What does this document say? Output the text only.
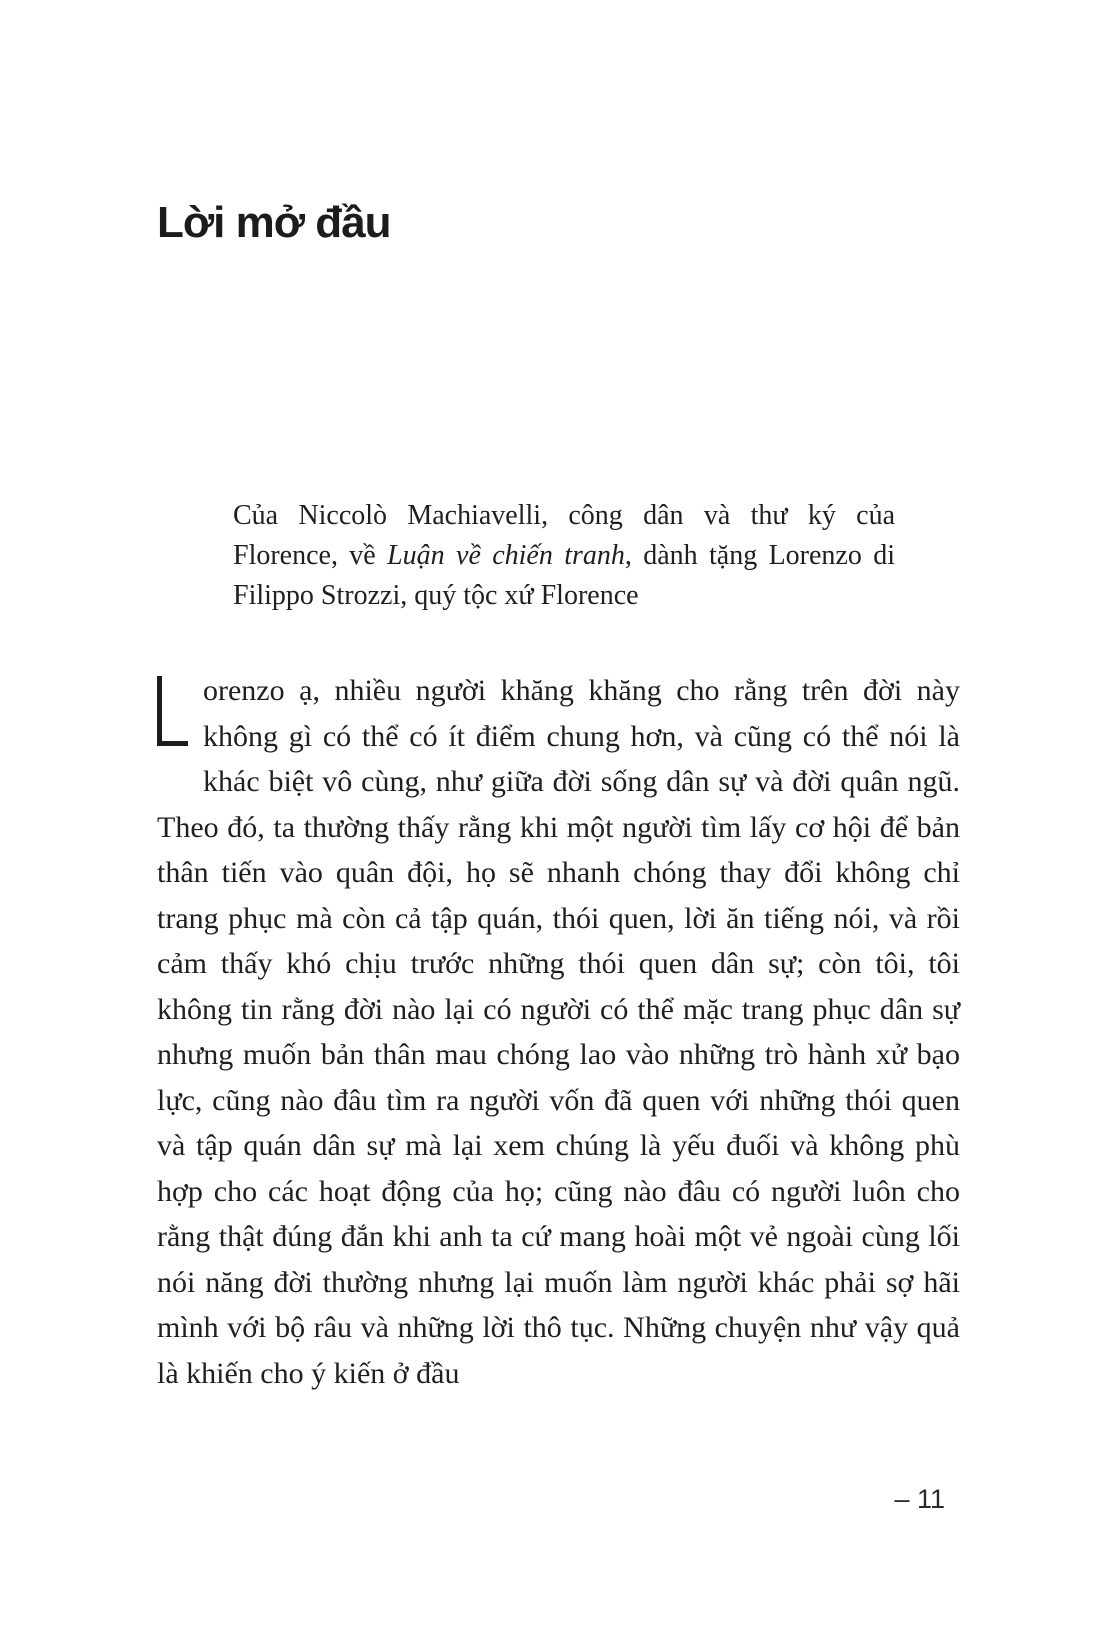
Lời mở đầu

Của Niccolò Machiavelli, công dân và thư ký của Florence, về Luận về chiến tranh, dành tặng Lorenzo di Filippo Strozzi, quý tộc xứ Florence

orenzo ạ, nhiều người khăng khăng cho rằng trên đời này không gì có thể có ít điểm chung hơn, và cũng có thể nói là khác biệt vô cùng, như giữa đời sống dân sự và đời quân ngũ. Theo đó, ta thường thấy rằng khi một người tìm lấy cơ hội để bản thân tiến vào quân đội, họ sẽ nhanh chóng thay đổi không chỉ trang phục mà còn cả tập quán, thói quen, lời ăn tiếng nói, và rồi cảm thấy khó chịu trước những thói quen dân sự; còn tôi, tôi không tin rằng đời nào lại có người có thể mặc trang phục dân sự nhưng muốn bản thân mau chóng lao vào những trò hành xử bạo lực, cũng nào đâu tìm ra người vốn đã quen với những thói quen và tập quán dân sự mà lại xem chúng là yếu đuối và không phù hợp cho các hoạt động của họ; cũng nào đâu có người luôn cho rằng thật đúng đắn khi anh ta cứ mang hoài một vẻ ngoài cùng lối nói năng đời thường nhưng lại muốn làm người khác phải sợ hãi mình với bộ râu và những lời thô tục. Những chuyện như vậy quả là khiến cho ý kiến ở đầu
– 11
